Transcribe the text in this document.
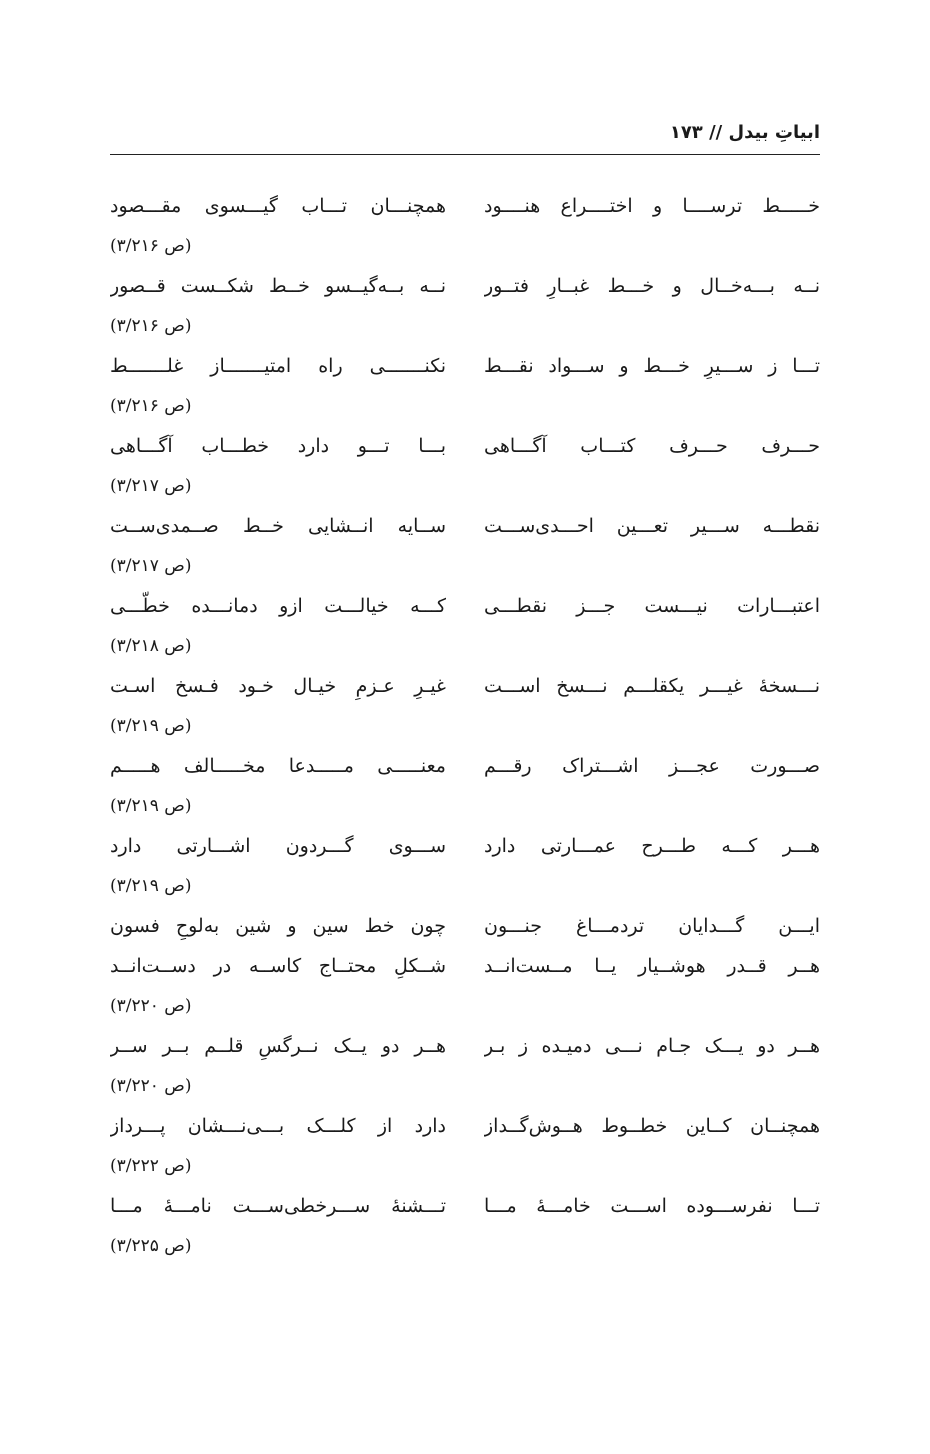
ابیاتِ بیدل // ۱۷۳
خـــــط ترســــا و اختــــراع هنــــود
همچنـــان تـــاب گیـــسوی مقـــصود
(ص ۳/۲۱۶)
نــه بـــه‌خــال و خـــط غبــارِ فتــور
نــه بــه‌گیــسو خــط شکــست قــصور
(ص ۳/۲۱۶)
تـــا ز ســـیرِ خـــط و ســـواد نقـــط
نکنـــــــی راه امتیـــــــاز غلـــــــط
(ص ۳/۲۱۶)
حـــرف حـــرف کتـــاب آگـــاهی
بـــا تـــو دارد خطـــاب آگـــاهی
(ص ۳/۲۱۷)
نقطـــه ســـیر تعـــین احـــدی‌ســـت
ســایه انــشایی خــط صــمدی‌ســت
(ص ۳/۲۱۷)
اعتبـــارات نیـــست جـــز نقطـــی
کـــه خیالـــت ازو دمانـــده خطّـــی
(ص ۳/۲۱۸)
نـــسخهٔ غیـــر یکقلـــم نـــسخ اســـت
غیـرِ عـزمِ خیـال خـود فـسخ اسـت
(ص ۳/۲۱۹)
صـــورت عجـــز اشـــتراک رقـــم
معنـــــی مـــــدعا مخـــــالف هـــــم
(ص ۳/۲۱۹)
هـــر کـــه طـــرح عمـــارتی دارد
ســـوی گـــردون اشـــارتی دارد
(ص ۳/۲۱۹)
ایـــن گـــدایان تردمـــاغ جنـــون
چون خط سین و شین به‌لوحِ فسون
هــر قــدر هوشــیار یــا مــست‌انــد
شــکلِ محتــاج کاســه در دســت‌انــد
(ص ۳/۲۲۰)
هــر دو یـــک جـام نـــی دمیـده ز بـر
هــر دو یــک نــرگسِ قلــم بــر ســر
(ص ۳/۲۲۰)
همچنــان کــاین خطــوط هــوش‌گــداز
دارد از کلـــک بـــی‌نـــشان پـــرداز
(ص ۳/۲۲۲)
تـــا نفرســـوده اســـت خامـــهٔ مـــا
تـــشنهٔ ســـرخطی‌ســـت نامـــهٔ مـــا
(ص ۳/۲۲۵)
